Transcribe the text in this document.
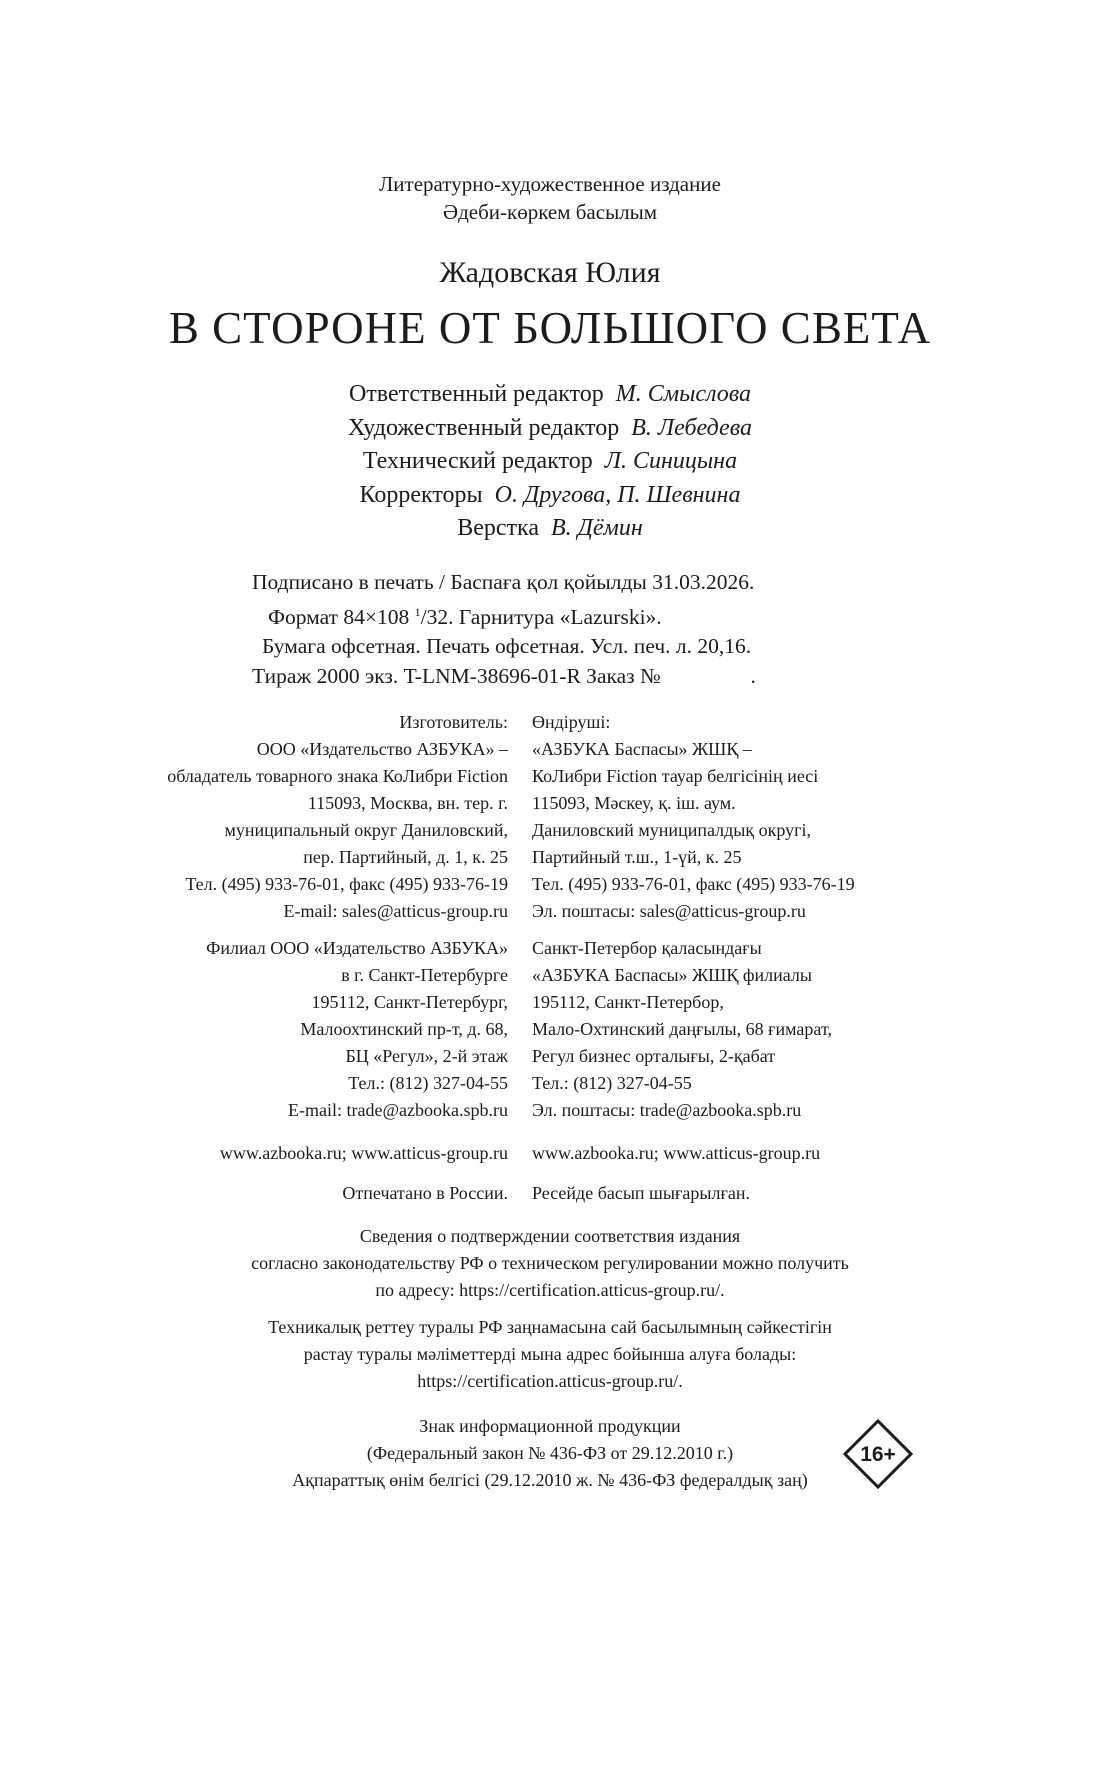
Литературно-художественное издание
Әдеби-көркем басылым
Жадовская Юлия
В СТОРОНЕ ОТ БОЛЬШОГО СВЕТА
Ответственный редактор М. Смыслова
Художественный редактор В. Лебедева
Технический редактор Л. Синицына
Корректоры О. Другова, П. Шевнина
Верстка В. Дёмин
Подписано в печать / Баспаға қол қойылды 31.03.2026.
Формат 84×108 $^1$/32. Гарнитура «Lazurski».
Бумага офсетная. Печать офсетная. Усл. печ. л. 20,16.
Тираж 2000 экз. T-LNM-38696-01-R Заказ №	.
Изготовитель:
ООО «Издательство АЗБУКА» –
обладатель товарного знака КоЛибри Fiction
115093, Москва, вн. тер. г.
муниципальный округ Даниловский,
пер. Партийный, д. 1, к. 25
Тел. (495) 933-76-01, факс (495) 933-76-19
E-mail: sales@atticus-group.ru
Өндіруші:
«АЗБУКА Баспасы» ЖШҚ –
КоЛибри Fiction тауар белгісінің иесі
115093, Мәскеу, қ. іш. аум.
Даниловский муниципалдық округі,
Партийный т.ш., 1-үй, к. 25
Тел. (495) 933-76-01, факс (495) 933-76-19
Эл. поштасы: sales@atticus-group.ru
Филиал ООО «Издательство АЗБУКА»
в г. Санкт-Петербурге
195112, Санкт-Петербург,
Малоохтинский пр-т, д. 68,
БЦ «Регул», 2-й этаж
Тел.: (812) 327-04-55
E-mail: trade@azbooka.spb.ru
Санкт-Петербор қаласындағы
«АЗБУКА Баспасы» ЖШҚ филиалы
195112, Санкт-Петербор,
Мало-Охтинский даңғылы, 68 ғимарат,
Регул бизнес орталығы, 2-қабат
Тел.: (812) 327-04-55
Эл. поштасы: trade@azbooka.spb.ru
www.azbooka.ru; www.atticus-group.ru www.azbooka.ru; www.atticus-group.ru
Отпечатано в России. Ресейде басып шығарылған.
Сведения о подтверждении соответствия издания
согласно законодательству РФ о техническом регулировании можно получить
по адресу: https://certification.atticus-group.ru/.
Техникалық реттеу туралы РФ заңнамасына сай басылымның сәйкестігін
растау туралы мәліметтерді мына адрес бойынша алуға болады:
https://certification.atticus-group.ru/.
Знак информационной продукции
(Федеральный закон № 436-ФЗ от 29.12.2010 г.)
Ақпараттық өнім белгісі (29.12.2010 ж. № 436-ФЗ федералдық заң)
16+
